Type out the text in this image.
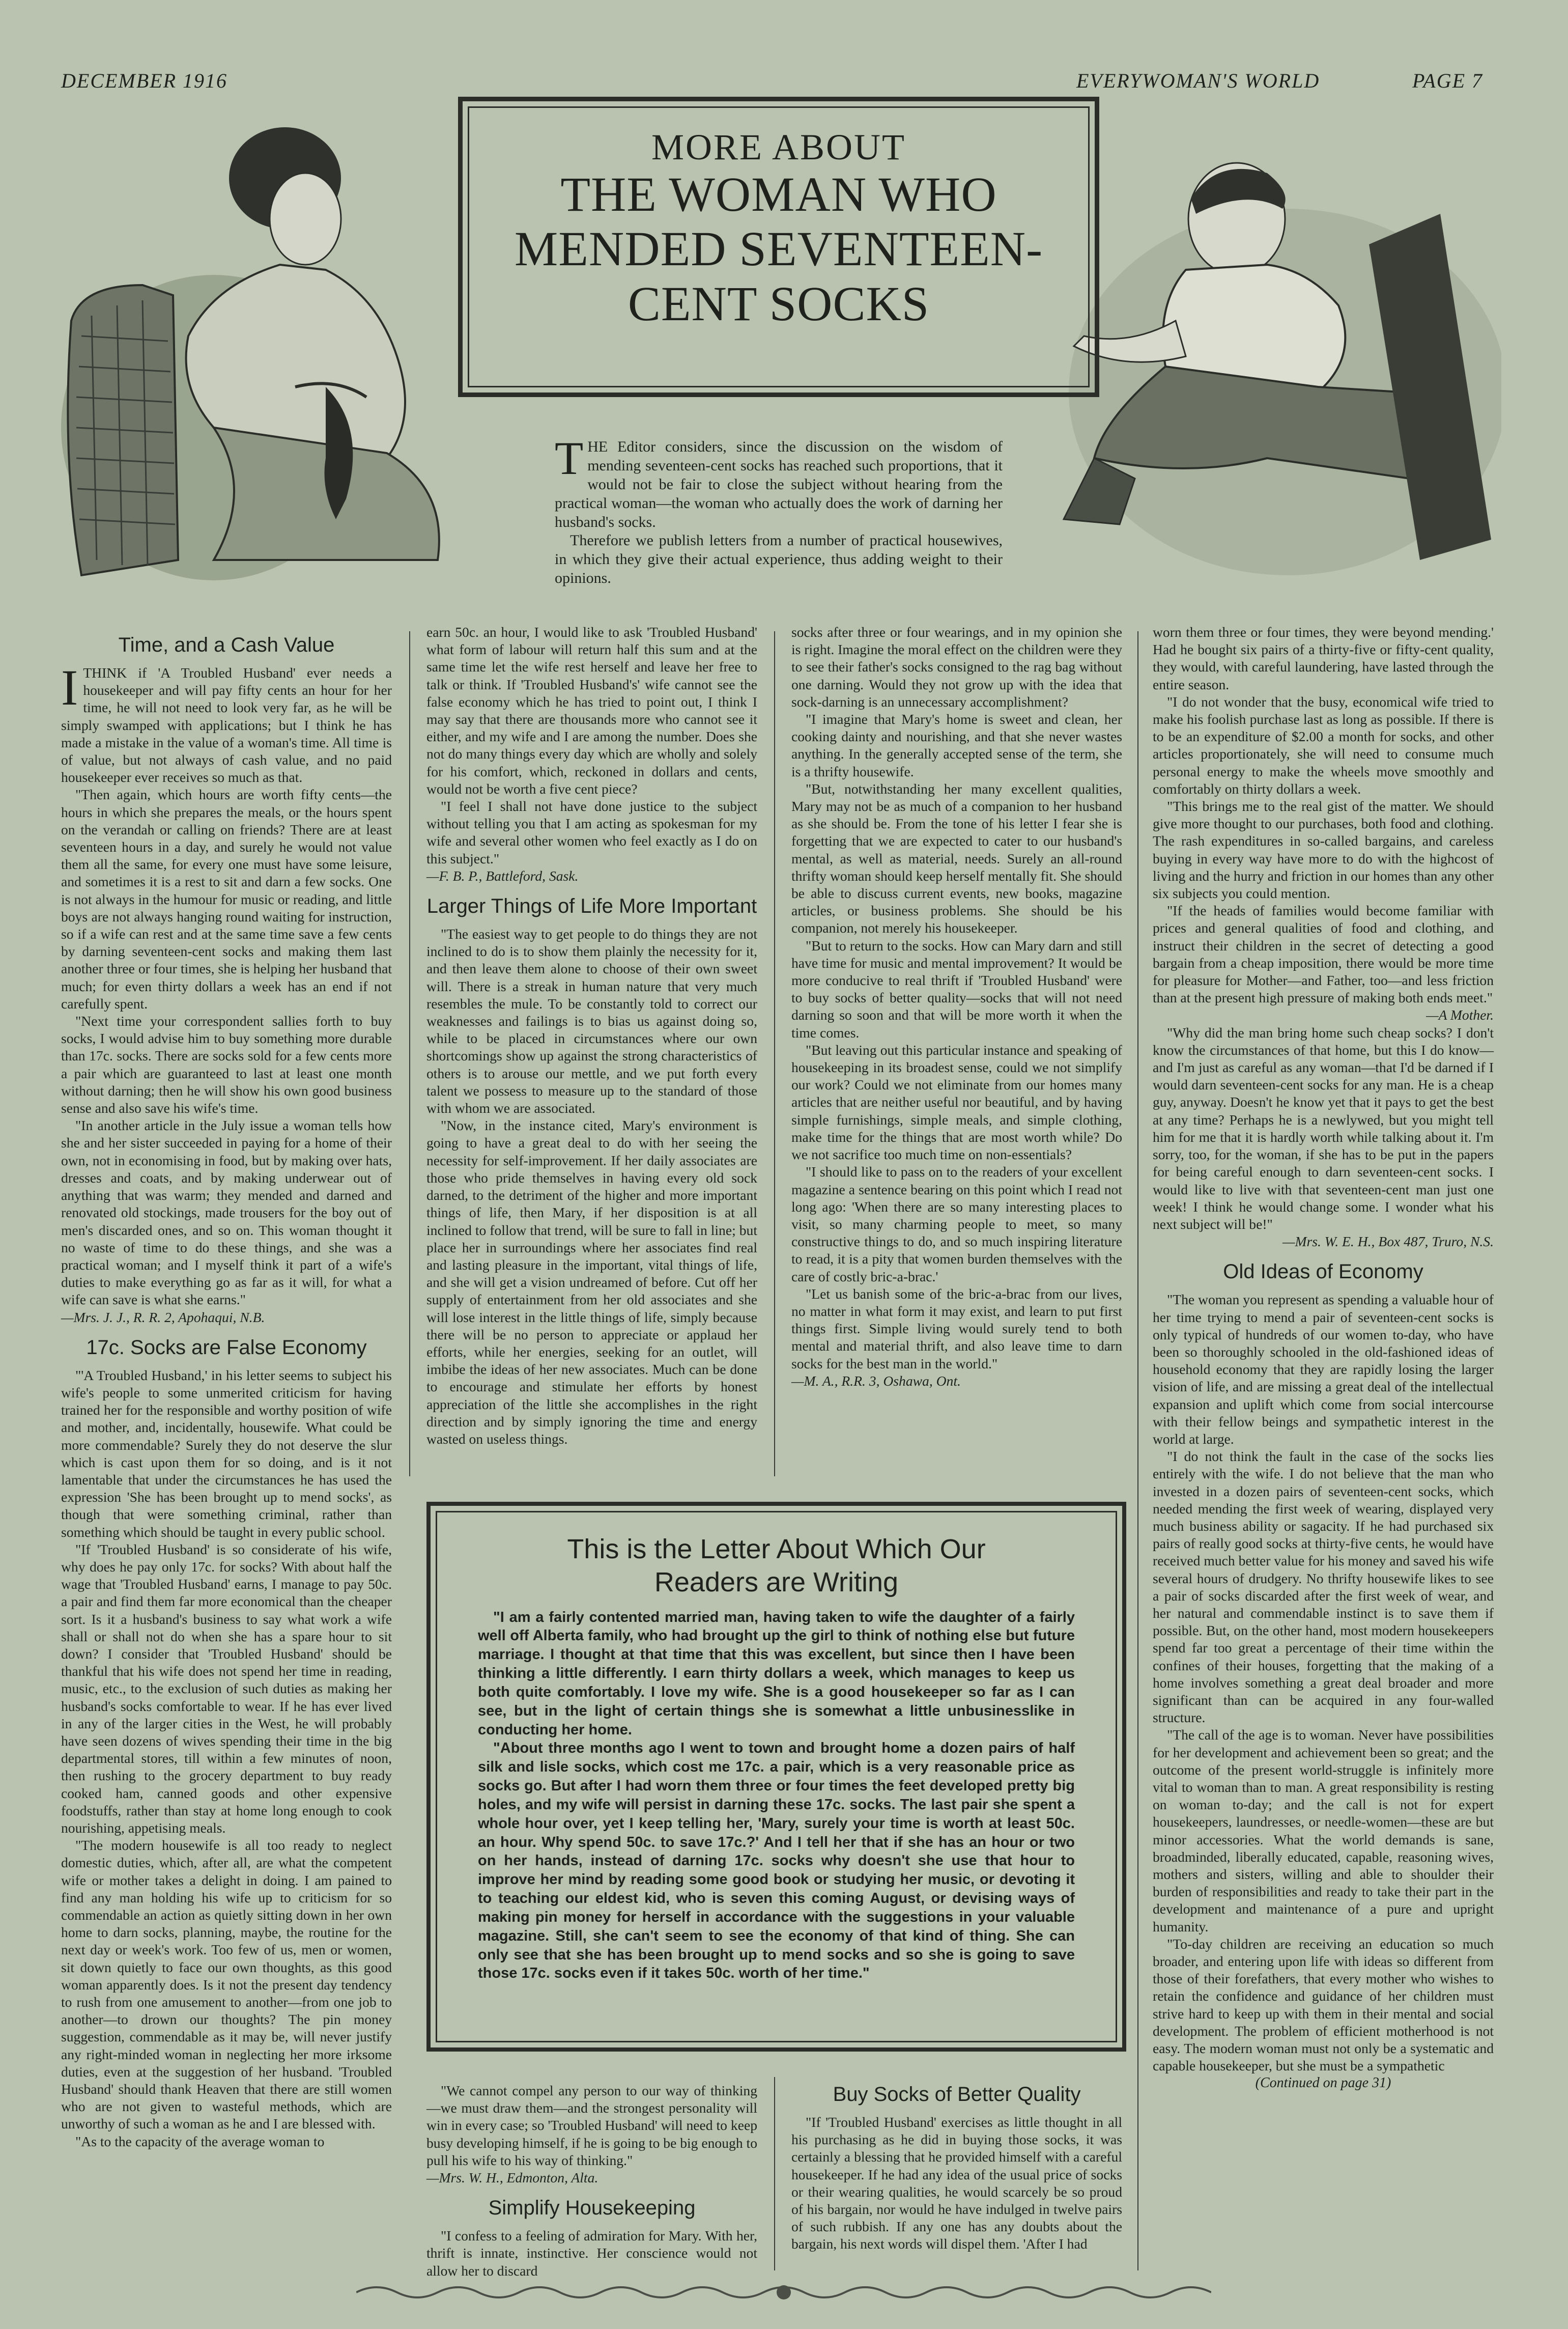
DECEMBER 1916	EVERYWOMAN'S WORLD	PAGE 7
MORE ABOUT
THE WOMAN WHO
MENDED SEVENTEEN-
CENT SOCKS
T HE Editor considers, since the discussion on the wisdom of mending seventeen-cent socks has reached such proportions, that it would not be fair to close the subject without hearing from the practical woman—the woman who actually does the work of darning her husband's socks.
Therefore we publish letters from a number of practical housewives, in which they give their actual experience, thus adding weight to their opinions.
Time, and a Cash Value

ITHINK if 'A Troubled Husband' ever needs a housekeeper and will pay fifty cents an hour for her time, he will not need to look very far, as he will be simply swamped with applications; but I think he has made a mistake in the value of a woman's time. All time is of value, but not always of cash value, and no paid housekeeper ever receives so much as that.

"Then again, which hours are worth fifty cents—the hours in which she prepares the meals, or the hours spent on the verandah or calling on friends? There are at least seventeen hours in a day, and surely he would not value them all the same, for every one must have some leisure, and sometimes it is a rest to sit and darn a few socks. One is not always in the humour for music or reading, and little boys are not always hanging round waiting for instruction, so if a wife can rest and at the same time save a few cents by darning seventeen-cent socks and making them last another three or four times, she is helping her husband that much; for even thirty dollars a week has an end if not carefully spent.

"Next time your correspondent sallies forth to buy socks, I would advise him to buy something more durable than 17c. socks. There are socks sold for a few cents more a pair which are guaranteed to last at least one month without darning; then he will show his own good business sense and also save his wife's time.

"In another article in the July issue a woman tells how she and her sister succeeded in paying for a home of their own, not in economising in food, but by making over hats, dresses and coats, and by making underwear out of anything that was warm; they mended and darned and renovated old stockings, made trousers for the boy out of men's discarded ones, and so on. This woman thought it no waste of time to do these things, and she was a practical woman; and I myself think it part of a wife's duties to make everything go as far as it will, for what a wife can save is what she earns."

—Mrs. J. J., R. R. 2, Apohaqui, N.B.

17c. Socks are False Economy

"'A Troubled Husband,' in his letter seems to subject his wife's people to some unmerited criticism for having trained her for the responsible and worthy position of wife and mother, and, incidentally, housewife. What could be more commendable? Surely they do not deserve the slur which is cast upon them for so doing, and is it not lamentable that under the circumstances he has used the expression 'She has been brought up to mend socks', as though that were something criminal, rather than something which should be taught in every public school.

"If 'Troubled Husband' is so considerate of his wife, why does he pay only 17c. for socks? With about half the wage that 'Troubled Husband' earns, I manage to pay 50c. a pair and find them far more economical than the cheaper sort. Is it a husband's business to say what work a wife shall or shall not do when she has a spare hour to sit down? I consider that 'Troubled Husband' should be thankful that his wife does not spend her time in reading, music, etc., to the exclusion of such duties as making her husband's socks comfortable to wear. If he has ever lived in any of the larger cities in the West, he will probably have seen dozens of wives spending their time in the big departmental stores, till within a few minutes of noon, then rushing to the grocery department to buy ready cooked ham, canned goods and other expensive foodstuffs, rather than stay at home long enough to cook nourishing, appetising meals.

"The modern housewife is all too ready to neglect domestic duties, which, after all, are what the competent wife or mother takes a delight in doing. I am pained to find any man holding his wife up to criticism for so commendable an action as quietly sitting down in her own home to darn socks, planning, maybe, the routine for the next day or week's work. Too few of us, men or women, sit down quietly to face our own thoughts, as this good woman apparently does. Is it not the present day tendency to rush from one amusement to another—from one job to another—to drown our thoughts? The pin money suggestion, commendable as it may be, will never justify any right-minded woman in neglecting her more irksome duties, even at the suggestion of her husband. 'Troubled Husband' should thank Heaven that there are still women who are not given to wasteful methods, which are unworthy of such a woman as he and I are blessed with.

"As to the capacity of the average woman to

earn 50c. an hour, I would like to ask 'Troubled Husband' what form of labour will return half this sum and at the same time let the wife rest herself and leave her free to talk or think. If 'Troubled Husband's' wife cannot see the false economy which he has tried to point out, I think I may say that there are thousands more who cannot see it either, and my wife and I are among the number. Does she not do many things every day which are wholly and solely for his comfort, which, reckoned in dollars and cents, would not be worth a five cent piece?

"I feel I shall not have done justice to the subject without telling you that I am acting as spokesman for my wife and several other women who feel exactly as I do on this subject."

—F. B. P., Battleford, Sask.

Larger Things of Life More Important

"The easiest way to get people to do things they are not inclined to do is to show them plainly the necessity for it, and then leave them alone to choose of their own sweet will. There is a streak in human nature that very much resembles the mule. To be constantly told to correct our weaknesses and failings is to bias us against doing so, while to be placed in circumstances where our own shortcomings show up against the strong characteristics of others is to arouse our mettle, and we put forth every talent we possess to measure up to the standard of those with whom we are associated.

"Now, in the instance cited, Mary's environment is going to have a great deal to do with her seeing the necessity for self-improvement. If her daily associates are those who pride themselves in having every old sock darned, to the detriment of the higher and more important things of life, then Mary, if her disposition is at all inclined to follow that trend, will be sure to fall in line; but place her in surroundings where her associates find real and lasting pleasure in the important, vital things of life, and she will get a vision undreamed of before. Cut off her supply of entertainment from her old associates and she will lose interest in the little things of life, simply because there will be no person to appreciate or applaud her efforts, while her energies, seeking for an outlet, will imbibe the ideas of her new associates. Much can be done to encourage and stimulate her efforts by honest appreciation of the little she accomplishes in the right direction and by simply ignoring the time and energy wasted on useless things.

socks after three or four wearings, and in my opinion she is right. Imagine the moral effect on the children were they to see their father's socks consigned to the rag bag without one darning. Would they not grow up with the idea that sock-darning is an unnecessary accomplishment?

"I imagine that Mary's home is sweet and clean, her cooking dainty and nourishing, and that she never wastes anything. In the generally accepted sense of the term, she is a thrifty housewife.

"But, notwithstanding her many excellent qualities, Mary may not be as much of a companion to her husband as she should be. From the tone of his letter I fear she is forgetting that we are expected to cater to our husband's mental, as well as material, needs. Surely an all-round thrifty woman should keep herself mentally fit. She should be able to discuss current events, new books, magazine articles, or business problems. She should be his companion, not merely his housekeeper.

"But to return to the socks. How can Mary darn and still have time for music and mental improvement? It would be more conducive to real thrift if 'Troubled Husband' were to buy socks of better quality—socks that will not need darning so soon and that will be more worth it when the time comes.

"But leaving out this particular instance and speaking of housekeeping in its broadest sense, could we not simplify our work? Could we not eliminate from our homes many articles that are neither useful nor beautiful, and by having simple furnishings, simple meals, and simple clothing, make time for the things that are most worth while? Do we not sacrifice too much time on non-essentials?

"I should like to pass on to the readers of your excellent magazine a sentence bearing on this point which I read not long ago: 'When there are so many interesting places to visit, so many charming people to meet, so many constructive things to do, and so much inspiring literature to read, it is a pity that women burden themselves with the care of costly bric-a-brac.'

"Let us banish some of the bric-a-brac from our lives, no matter in what form it may exist, and learn to put first things first. Simple living would surely tend to both mental and material thrift, and also leave time to darn socks for the best man in the world."

—M. A., R.R. 3, Oshawa, Ont.

This is the Letter About Which Our
Readers are Writing

"I am a fairly contented married man, having taken to wife the daughter of a fairly well off Alberta family, who had brought up the girl to think of nothing else but future marriage. I thought at that time that this was excellent, but since then I have been thinking a little differently. I earn thirty dollars a week, which manages to keep us both quite comfortably. I love my wife. She is a good housekeeper so far as I can see, but in the light of certain things she is somewhat a little unbusinesslike in conducting her home.

"About three months ago I went to town and brought home a dozen pairs of half silk and lisle socks, which cost me 17c. a pair, which is a very reasonable price as socks go. But after I had worn them three or four times the feet developed pretty big holes, and my wife will persist in darning these 17c. socks. The last pair she spent a whole hour over, yet I keep telling her, 'Mary, surely your time is worth at least 50c. an hour. Why spend 50c. to save 17c.?' And I tell her that if she has an hour or two on her hands, instead of darning 17c. socks why doesn't she use that hour to improve her mind by reading some good book or studying her music, or devoting it to teaching our eldest kid, who is seven this coming August, or devising ways of making pin money for herself in accordance with the suggestions in your valuable magazine. Still, she can't seem to see the economy of that kind of thing. She can only see that she has been brought up to mend socks and so she is going to save those 17c. socks even if it takes 50c. worth of her time."

"We cannot compel any person to our way of thinking—we must draw them—and the strongest personality will win in every case; so 'Troubled Husband' will need to keep busy developing himself, if he is going to be big enough to pull his wife to his way of thinking."

—Mrs. W. H., Edmonton, Alta.

Simplify Housekeeping

"I confess to a feeling of admiration for Mary. With her, thrift is innate, instinctive. Her conscience would not allow her to discard

Buy Socks of Better Quality

"If 'Troubled Husband' exercises as little thought in all his purchasing as he did in buying those socks, it was certainly a blessing that he provided himself with a careful housekeeper. If he had any idea of the usual price of socks or their wearing qualities, he would scarcely be so proud of his bargain, nor would he have indulged in twelve pairs of such rubbish. If any one has any doubts about the bargain, his next words will dispel them. 'After I had

worn them three or four times, they were beyond mending.' Had he bought six pairs of a thirty-five or fifty-cent quality, they would, with careful laundering, have lasted through the entire season.

"I do not wonder that the busy, economical wife tried to make his foolish purchase last as long as possible. If there is to be an expenditure of $2.00 a month for socks, and other articles proportionately, she will need to consume much personal energy to make the wheels move smoothly and comfortably on thirty dollars a week.

"This brings me to the real gist of the matter. We should give more thought to our purchases, both food and clothing. The rash expenditures in so-called bargains, and careless buying in every way have more to do with the highcost of living and the hurry and friction in our homes than any other six subjects you could mention.

"If the heads of families would become familiar with prices and general qualities of food and clothing, and instruct their children in the secret of detecting a good bargain from a cheap imposition, there would be more time for pleasure for Mother—and Father, too—and less friction than at the present high pressure of making both ends meet."

—A Mother.

"Why did the man bring home such cheap socks? I don't know the circumstances of that home, but this I do know—and I'm just as careful as any woman—that I'd be darned if I would darn seventeen-cent socks for any man. He is a cheap guy, anyway. Doesn't he know yet that it pays to get the best at any time? Perhaps he is a newlywed, but you might tell him for me that it is hardly worth while talking about it. I'm sorry, too, for the woman, if she has to be put in the papers for being careful enough to darn seventeen-cent socks. I would like to live with that seventeen-cent man just one week! I think he would change some. I wonder what his next subject will be!"

—Mrs. W. E. H., Box 487, Truro, N.S.

Old Ideas of Economy

"The woman you represent as spending a valuable hour of her time trying to mend a pair of seventeen-cent socks is only typical of hundreds of our women to-day, who have been so thoroughly schooled in the old-fashioned ideas of household economy that they are rapidly losing the larger vision of life, and are missing a great deal of the intellectual expansion and uplift which come from social intercourse with their fellow beings and sympathetic interest in the world at large.

"I do not think the fault in the case of the socks lies entirely with the wife. I do not believe that the man who invested in a dozen pairs of seventeen-cent socks, which needed mending the first week of wearing, displayed very much business ability or sagacity. If he had purchased six pairs of really good socks at thirty-five cents, he would have received much better value for his money and saved his wife several hours of drudgery. No thrifty housewife likes to see a pair of socks discarded after the first week of wear, and her natural and commendable instinct is to save them if possible. But, on the other hand, most modern housekeepers spend far too great a percentage of their time within the confines of their houses, forgetting that the making of a home involves something a great deal broader and more significant than can be acquired in any four-walled structure.

"The call of the age is to woman. Never have possibilities for her development and achievement been so great; and the outcome of the present world-struggle is infinitely more vital to woman than to man. A great responsibility is resting on woman to-day; and the call is not for expert housekeepers, laundresses, or needle-women—these are but minor accessories. What the world demands is sane, broadminded, liberally educated, capable, reasoning wives, mothers and sisters, willing and able to shoulder their burden of responsibilities and ready to take their part in the development and maintenance of a pure and upright humanity.

"To-day children are receiving an education so much broader, and entering upon life with ideas so different from those of their forefathers, that every mother who wishes to retain the confidence and guidance of her children must strive hard to keep up with them in their mental and social development. The problem of efficient motherhood is not easy. The modern woman must not only be a systematic and capable housekeeper, but she must be a sympathetic

(Continued on page 31)
